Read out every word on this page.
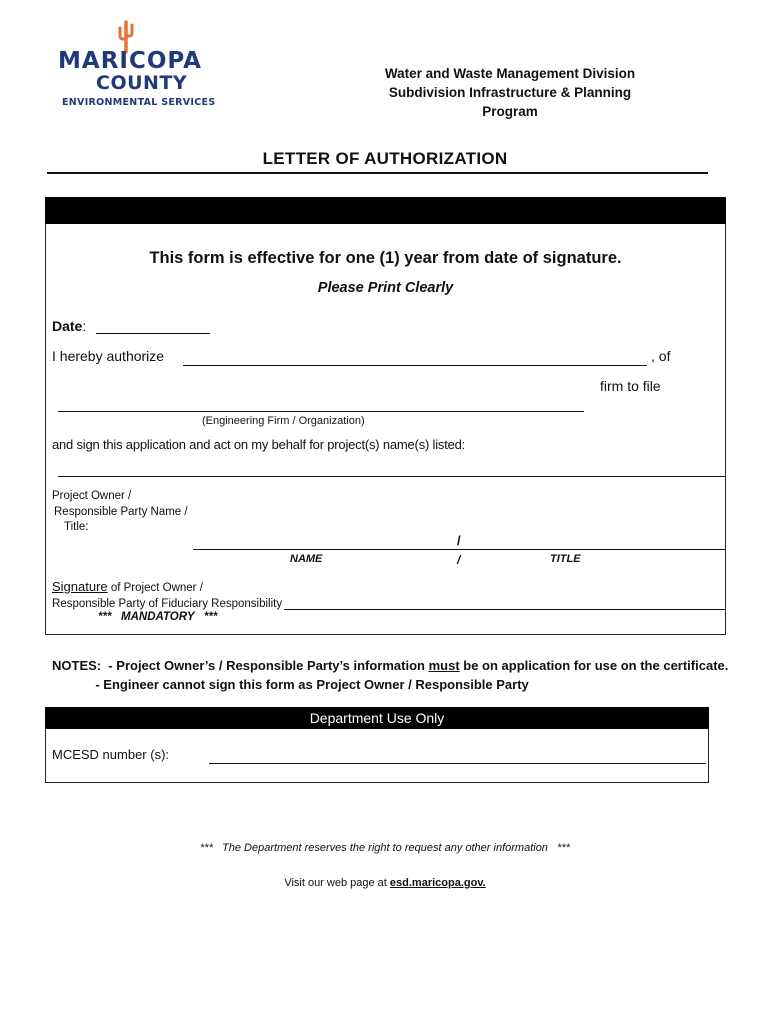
MARICOPA
COUNTY
ENVIRONMENTAL SERVICES
Water and Waste Management Division
Subdivision Infrastructure & Planning Program
LETTER OF AUTHORIZATION
This form is effective for one (1) year from date of signature.
Please Print Clearly
Date:
I hereby authorize	, of
firm to file
(Engineering Firm / Organization)
and sign this application and act on my behalf for project(s) name(s) listed:
Project Owner /
Responsible Party Name /
Title:
/
NAME	/	TITLE
Signature of Project Owner /
Responsible Party of Fiduciary Responsibility
***   MANDATORY   ***
NOTES:  - Project Owner’s / Responsible Party’s information must be on application for use on the certificate.
- Engineer cannot sign this form as Project Owner / Responsible Party
Department Use Only
MCESD number (s):
***   The Department reserves the right to request any other information   ***
Visit our web page at esd.maricopa.gov.
